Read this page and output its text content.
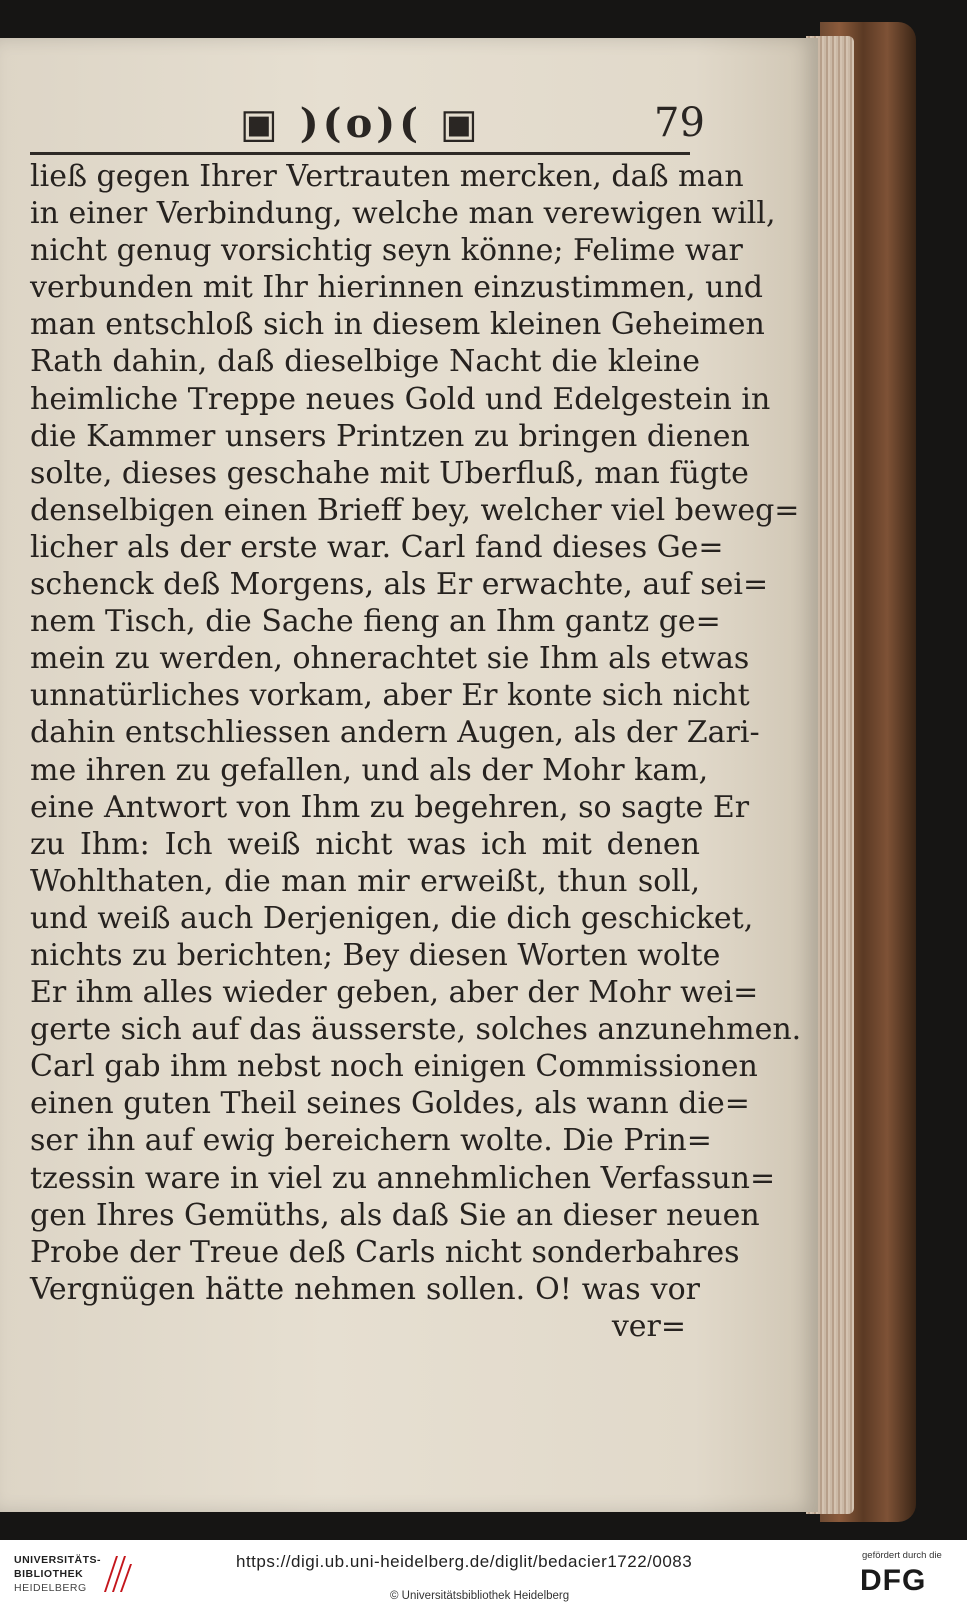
▣ )(o)( ▣	79
ließ gegen Ihrer Vertrauten mercken, daß man
in einer Verbindung, welche man verewigen will,
nicht genug vorsichtig seyn könne; Felime war
verbunden mit Ihr hierinnen einzustimmen, und
man entschloß sich in diesem kleinen Geheimen
Rath dahin, daß dieselbige Nacht die kleine
heimliche Treppe neues Gold und Edelgestein in
die Kammer unsers Printzen zu bringen dienen
solte, dieses geschahe mit Uberfluß, man fügte
denselbigen einen Brieff bey, welcher viel beweg=
licher als der erste war. Carl fand dieses Ge=
schenck deß Morgens, als Er erwachte, auf sei=
nem Tisch, die Sache fieng an Ihm gantz ge=
mein zu werden, ohnerachtet sie Ihm als etwas
unnatürliches vorkam, aber Er konte sich nicht
dahin entschliessen andern Augen, als der Zari-
me ihren zu gefallen, und als der Mohr kam,
eine Antwort von Ihm zu begehren, so sagte Er
zu Ihm: Ich weiß nicht was ich mit denen
Wohlthaten, die man mir erweißt, thun soll,
und weiß auch Derjenigen, die dich geschicket,
nichts zu berichten; Bey diesen Worten wolte
Er ihm alles wieder geben, aber der Mohr wei=
gerte sich auf das äusserste, solches anzunehmen.
Carl gab ihm nebst noch einigen Commissionen
einen guten Theil seines Goldes, als wann die=
ser ihn auf ewig bereichern wolte. Die Prin=
tzessin ware in viel zu annehmlichen Verfassun=
gen Ihres Gemüths, als daß Sie an dieser neuen
Probe der Treue deß Carls nicht sonderbahres
Vergnügen hätte nehmen sollen. O! was vor
ver=
UNIVERSITÄTS-
BIBLIOTHEK
HEIDELBERG
https://digi.ub.uni-heidelberg.de/diglit/bedacier1722/0083
© Universitätsbibliothek Heidelberg
gefördert durch die
DFG
